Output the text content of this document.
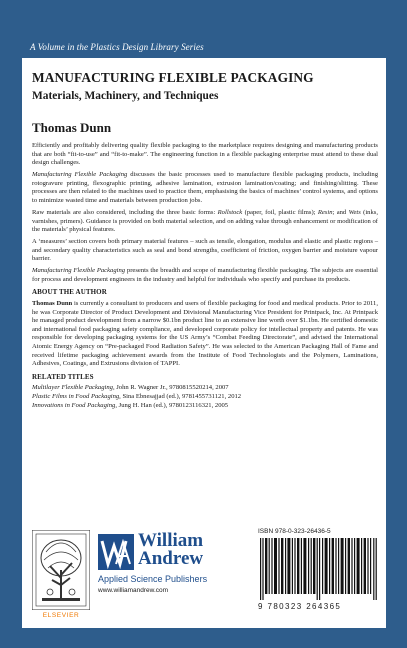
A Volume in the Plastics Design Library Series
MANUFACTURING FLEXIBLE PACKAGING
Materials, Machinery, and Techniques
Thomas Dunn

Efficiently and profitably delivering quality flexible packaging to the marketplace requires designing and manufacturing products that are both “fit-to-use” and “fit-to-make”. The engineering function in a flexible packaging enterprise must attend to these dual design challenges.

Manufacturing Flexible Packaging discusses the basic processes used to manufacture flexible packaging products, including rotogravure printing, flexographic printing, adhesive lamination, extrusion lamination/coating; and finishing/slitting. These processes are then related to the machines used to practice them, emphasising the basics of machines’ control systems, and options to minimize wasted time and materials between production jobs.

Raw materials are also considered, including the three basic forms: Rollstock (paper, foil, plastic films); Resin; and Wets (inks, varnishes, primers). Guidance is provided on both material selection, and on adding value through enhancement or modification of the materials’ physical features.

A ‘measures’ section covers both primary material features – such as tensile, elongation, modulus and elastic and plastic regions – and secondary quality characteristics such as seal and bond strengths, coefficient of friction, oxygen barrier and moisture vapour barrier.

Manufacturing Flexible Packaging presents the breadth and scope of manufacturing flexible packaging. The subjects are essential for process and development engineers in the industry and helpful for individuals who specify and purchase its products.

ABOUT THE AUTHOR

Thomas Dunn is currently a consultant to producers and users of flexible packaging for food and medical products. Prior to 2011, he was Corporate Director of Product Development and Divisional Manufacturing Vice President for Printpack, Inc. At Printpack he managed product development from a narrow $0.1bn product line to an extensive line worth over $1.1bn. He certified domestic and international food packaging safety compliance, and developed corporate policy for intellectual property and patents. He was responsible for developing packaging systems for the US Army’s “Combat Feeding Directorate”, and advised the International Atomic Energy Agency on “Pre-packaged Food Radiation Safety”. He was selected to the American Packaging Hall of Fame and received lifetime packaging achievement awards from the Institute of Food Technologists and the Polymers, Laminations, Adhesives, Coatings, and Extrusions division of TAPPI.

RELATED TITLES

Multilayer Flexible Packaging, John R. Wagner Jr., 9780815520214, 2007

Plastic Films in Food Packaging, Sina Ebnesajjad (ed.), 9781455731121, 2012

Innovations in Food Packaging, Jung H. Han (ed.), 9780123116321, 2005

ELSEVIER
William
Andrew
Applied Science Publishers
www.williamandrew.com
ISBN 978-0-323-26436-5
9 780323 264365
